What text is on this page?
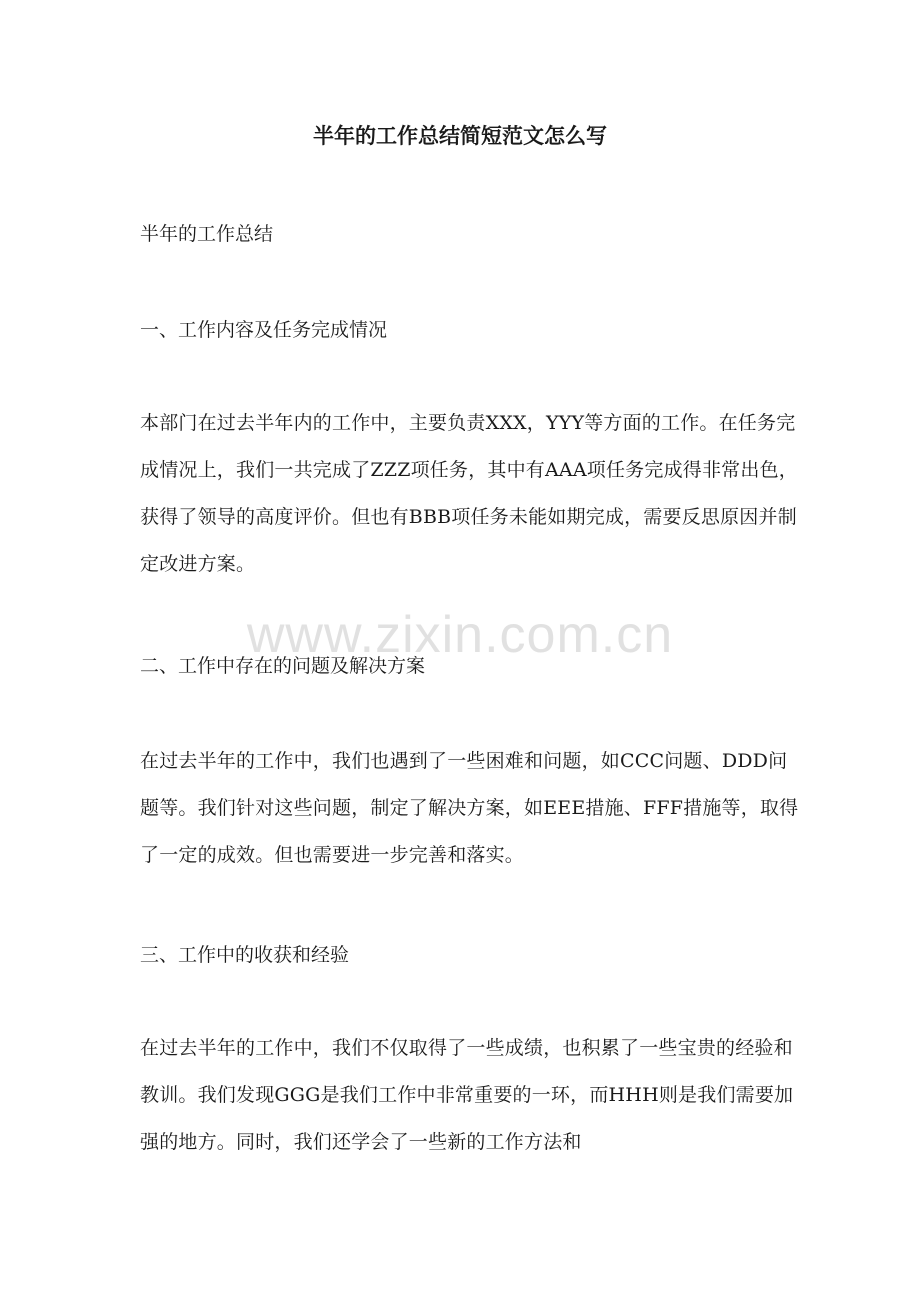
半年的工作总结简短范文怎么写

半年的工作总结

一、工作内容及任务完成情况

本部门在过去半年内的工作中，主要负责XXX，YYY等方面的工作。在任务完成情况上，我们一共完成了ZZZ项任务，其中有AAA项任务完成得非常出色，获得了领导的高度评价。但也有BBB项任务未能如期完成，需要反思原因并制定改进方案。

www.zixin.com.cn

二、工作中存在的问题及解决方案

在过去半年的工作中，我们也遇到了一些困难和问题，如CCC问题、DDD问题等。我们针对这些问题，制定了解决方案，如EEE措施、FFF措施等，取得了一定的成效。但也需要进一步完善和落实。

三、工作中的收获和经验

在过去半年的工作中，我们不仅取得了一些成绩，也积累了一些宝贵的经验和教训。我们发现GGG是我们工作中非常重要的一环，而HHH则是我们需要加强的地方。同时，我们还学会了一些新的工作方法和
